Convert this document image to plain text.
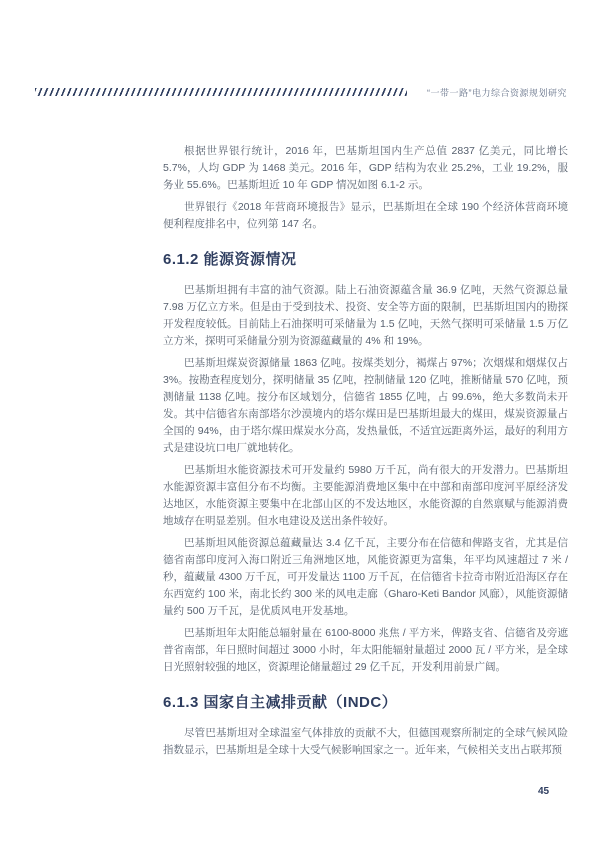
“一带一路”电力综合资源规划研究

根据世界银行统计，2016 年，巴基斯坦国内生产总值 2837 亿美元，同比增长 5.7%，人均 GDP 为 1468 美元。2016 年，GDP 结构为农业 25.2%，工业 19.2%，服务业 55.6%。巴基斯坦近 10 年 GDP 情况如图 6.1-2 示。

世界银行《2018 年营商环境报告》显示，巴基斯坦在全球 190 个经济体营商环境便利程度排名中，位列第 147 名。

6.1.2 能源资源情况

巴基斯坦拥有丰富的油气资源。陆上石油资源蕴含量 36.9 亿吨，天然气资源总量 7.98 万亿立方米。但是由于受到技术、投资、安全等方面的限制，巴基斯坦国内的勘探开发程度较低。目前陆上石油探明可采储量为 1.5 亿吨，天然气探明可采储量 1.5 万亿立方米，探明可采储量分别为资源蕴藏量的 4% 和 19%。

巴基斯坦煤炭资源储量 1863 亿吨。按煤类划分，褐煤占 97%；次烟煤和烟煤仅占 3%。按勘查程度划分，探明储量 35 亿吨，控制储量 120 亿吨，推断储量 570 亿吨，预测储量 1138 亿吨。按分布区域划分，信德省 1855 亿吨，占 99.6%，绝大多数尚未开发。其中信德省东南部塔尔沙漠境内的塔尔煤田是巴基斯坦最大的煤田，煤炭资源量占全国的 94%，由于塔尔煤田煤炭水分高，发热量低，不适宜远距离外运，最好的利用方式是建设坑口电厂就地转化。

巴基斯坦水能资源技术可开发量约 5980 万千瓦，尚有很大的开发潜力。巴基斯坦水能源资源丰富但分布不均衡。主要能源消费地区集中在中部和南部印度河平原经济发达地区，水能资源主要集中在北部山区的不发达地区，水能资源的自然禀赋与能源消费地域存在明显差别。但水电建设及送出条件较好。

巴基斯坦风能资源总蕴藏量达 3.4 亿千瓦，主要分布在信德和俾路支省，尤其是信德省南部印度河入海口附近三角洲地区地，风能资源更为富集，年平均风速超过 7 米 / 秒，蕴藏量 4300 万千瓦，可开发量达 1100 万千瓦，在信德省卡拉奇市附近沿海区存在东西宽约 100 米，南北长约 300 米的风电走廊（Gharo-Keti Bandor 风廊），风能资源储量约 500 万千瓦，是优质风电开发基地。

巴基斯坦年太阳能总辐射量在 6100-8000 兆焦 / 平方米，俾路支省、信德省及旁遮普省南部，年日照时间超过 3000 小时，年太阳能辐射量超过 2000 瓦 / 平方米，是全球日光照射较强的地区，资源理论储量超过 29 亿千瓦，开发利用前景广阔。

6.1.3 国家自主减排贡献（INDC）

尽管巴基斯坦对全球温室气体排放的贡献不大，但德国观察所制定的全球气候风险指数显示，巴基斯坦是全球十大受气候影响国家之一。近年来，气候相关支出占联邦预

45
